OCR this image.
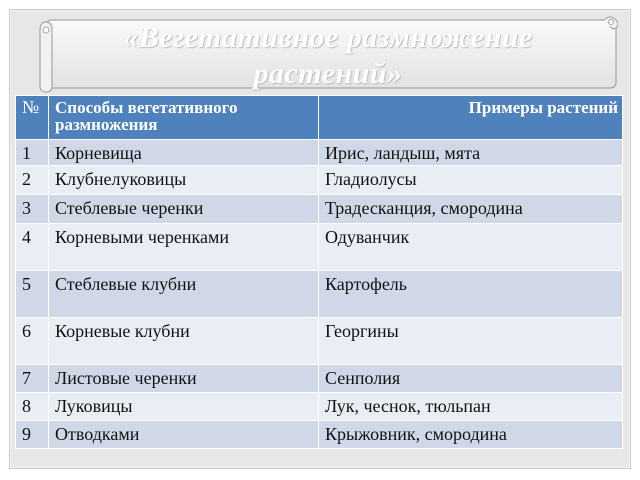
«Вегетативное размножение растений»
№	Способы вегетативного размножения	Примеры растений
1	Корневища	Ирис, ландыш, мята
2	Клубнелуковицы	Гладиолусы
3	Стеблевые черенки	Традесканция, смородина
4	Корневыми черенками	Одуванчик
5	Стеблевые клубни	Картофель
6	Корневые клубни	Георгины
7	Листовые черенки	Сенполия
8	Луковицы	Лук, чеснок, тюльпан
9	Отводками	Крыжовник, смородина
